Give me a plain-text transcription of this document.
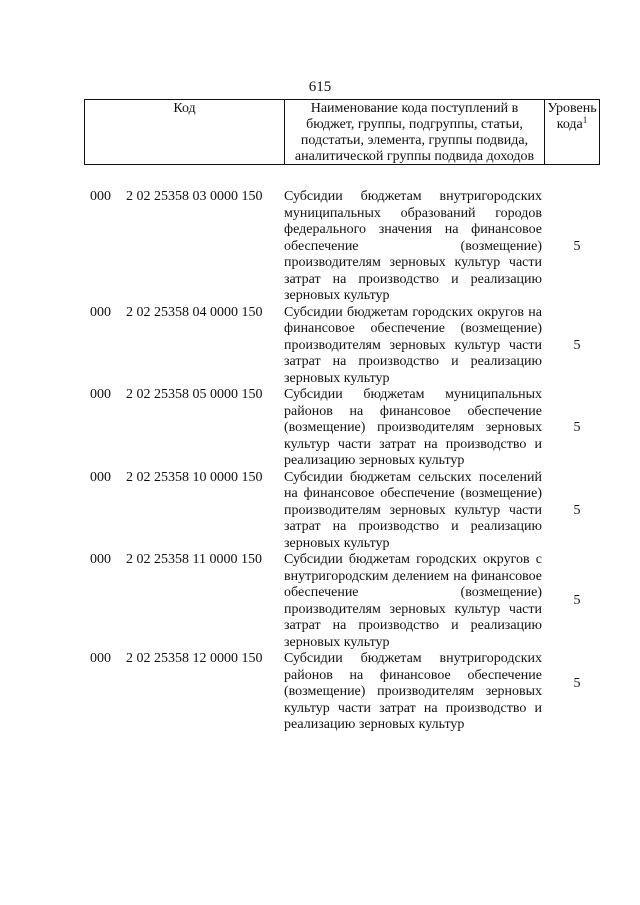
615
Код	Наименование кода поступлений в бюджет, группы, подгруппы, статьи, подстатьи, элемента, группы подвида, аналитической группы подвида доходов
Уровень кода$^1$
000 2 02 25358 03 0000 150 Субсидии бюджетам внутригородских муниципальных образований городов федерального значения на финансовое обеспечение (возмещение) производителям зерновых культур части затрат на производство и реализацию зерновых культур
5
000 2 02 25358 04 0000 150 Субсидии бюджетам городских округов на финансовое обеспечение (возмещение) производителям зерновых культур части затрат на производство и реализацию зерновых культур
5
000 2 02 25358 05 0000 150 Субсидии бюджетам муниципальных районов на финансовое обеспечение (возмещение) производителям зерновых культур части затрат на производство и реализацию зерновых культур
5
000 2 02 25358 10 0000 150 Субсидии бюджетам сельских поселений на финансовое обеспечение (возмещение) производителям зерновых культур части затрат на производство и реализацию зерновых культур
5
000 2 02 25358 11 0000 150 Субсидии бюджетам городских округов с внутригородским делением на финансовое обеспечение (возмещение) производителям зерновых культур части затрат на производство и реализацию зерновых культур
5
000 2 02 25358 12 0000 150 Субсидии бюджетам внутригородских районов на финансовое обеспечение (возмещение) производителям зерновых культур части затрат на производство и реализацию зерновых культур
5
